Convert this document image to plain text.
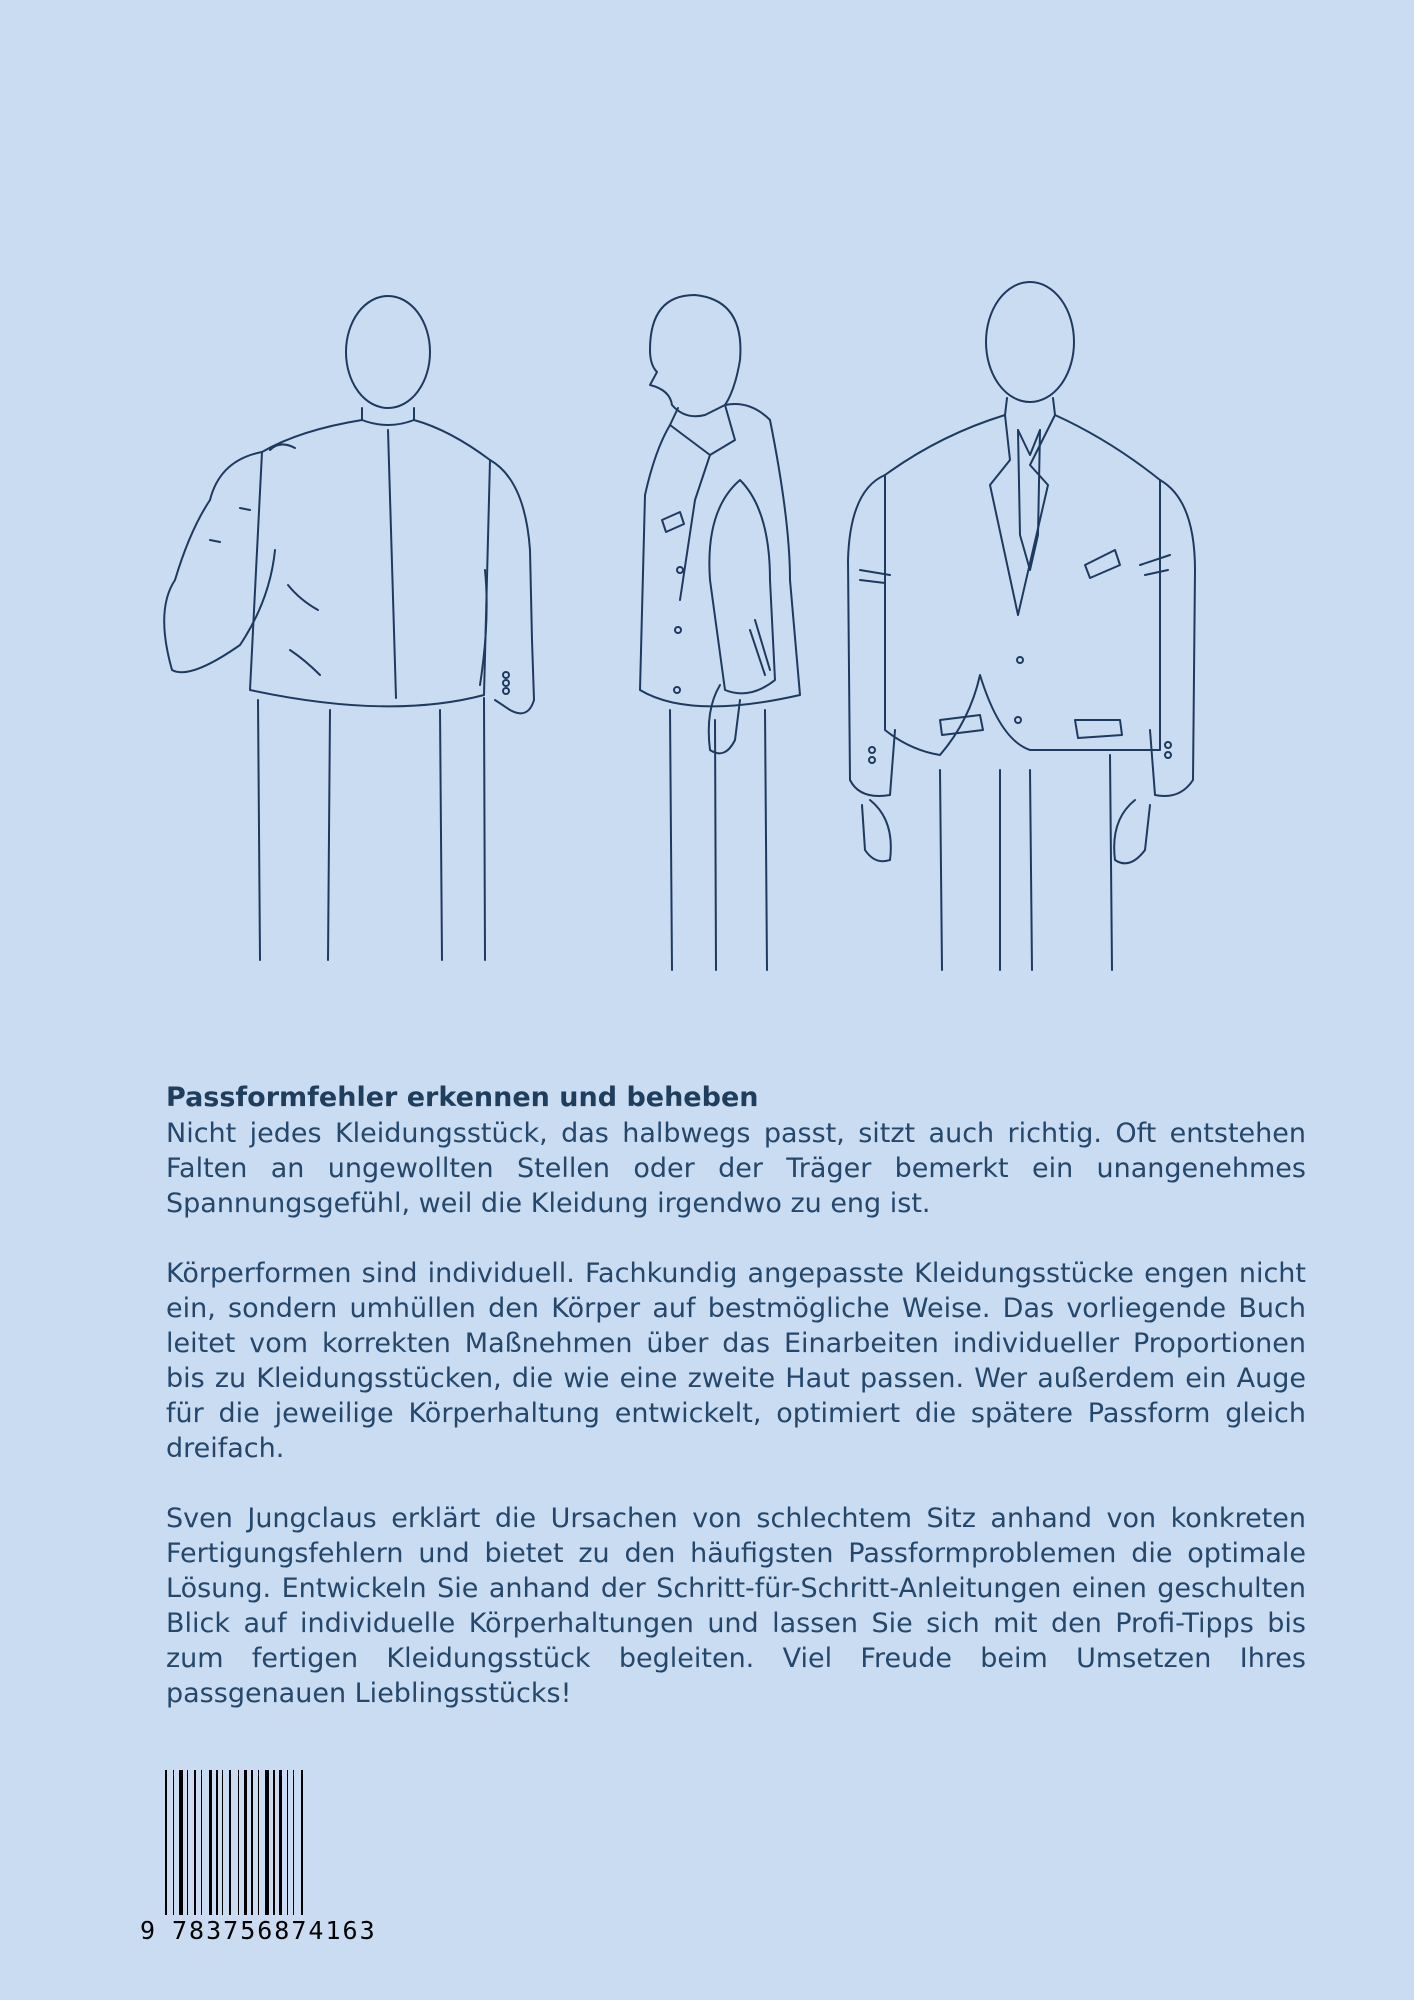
Passformfehler erkennen und beheben

Nicht jedes Kleidungsstück, das halbwegs passt, sitzt auch richtig. Oft entstehen Falten an ungewollten Stellen oder der Träger bemerkt ein unangenehmes Spannungsgefühl, weil die Kleidung irgendwo zu eng ist.

Körperformen sind individuell. Fachkundig angepasste Kleidungsstücke engen nicht ein, sondern umhüllen den Körper auf bestmögliche Weise. Das vorliegende Buch leitet vom korrekten Maßnehmen über das Einarbeiten individueller Proportionen bis zu Kleidungsstücken, die wie eine zweite Haut passen. Wer außerdem ein Auge für die jeweilige Körperhaltung entwickelt, optimiert die spätere Passform gleich dreifach.

Sven Jungclaus erklärt die Ursachen von schlechtem Sitz anhand von konkreten Fertigungsfehlern und bietet zu den häufigsten Passformproblemen die optimale Lösung. Entwickeln Sie anhand der Schritt-für-Schritt-Anleitungen einen geschulten Blick auf individuelle Körperhaltungen und lassen Sie sich mit den Profi-Tipps bis zum fertigen Kleidungsstück begleiten. Viel Freude beim Umsetzen Ihres passgenauen Lieblingsstücks!

9 783756874163
